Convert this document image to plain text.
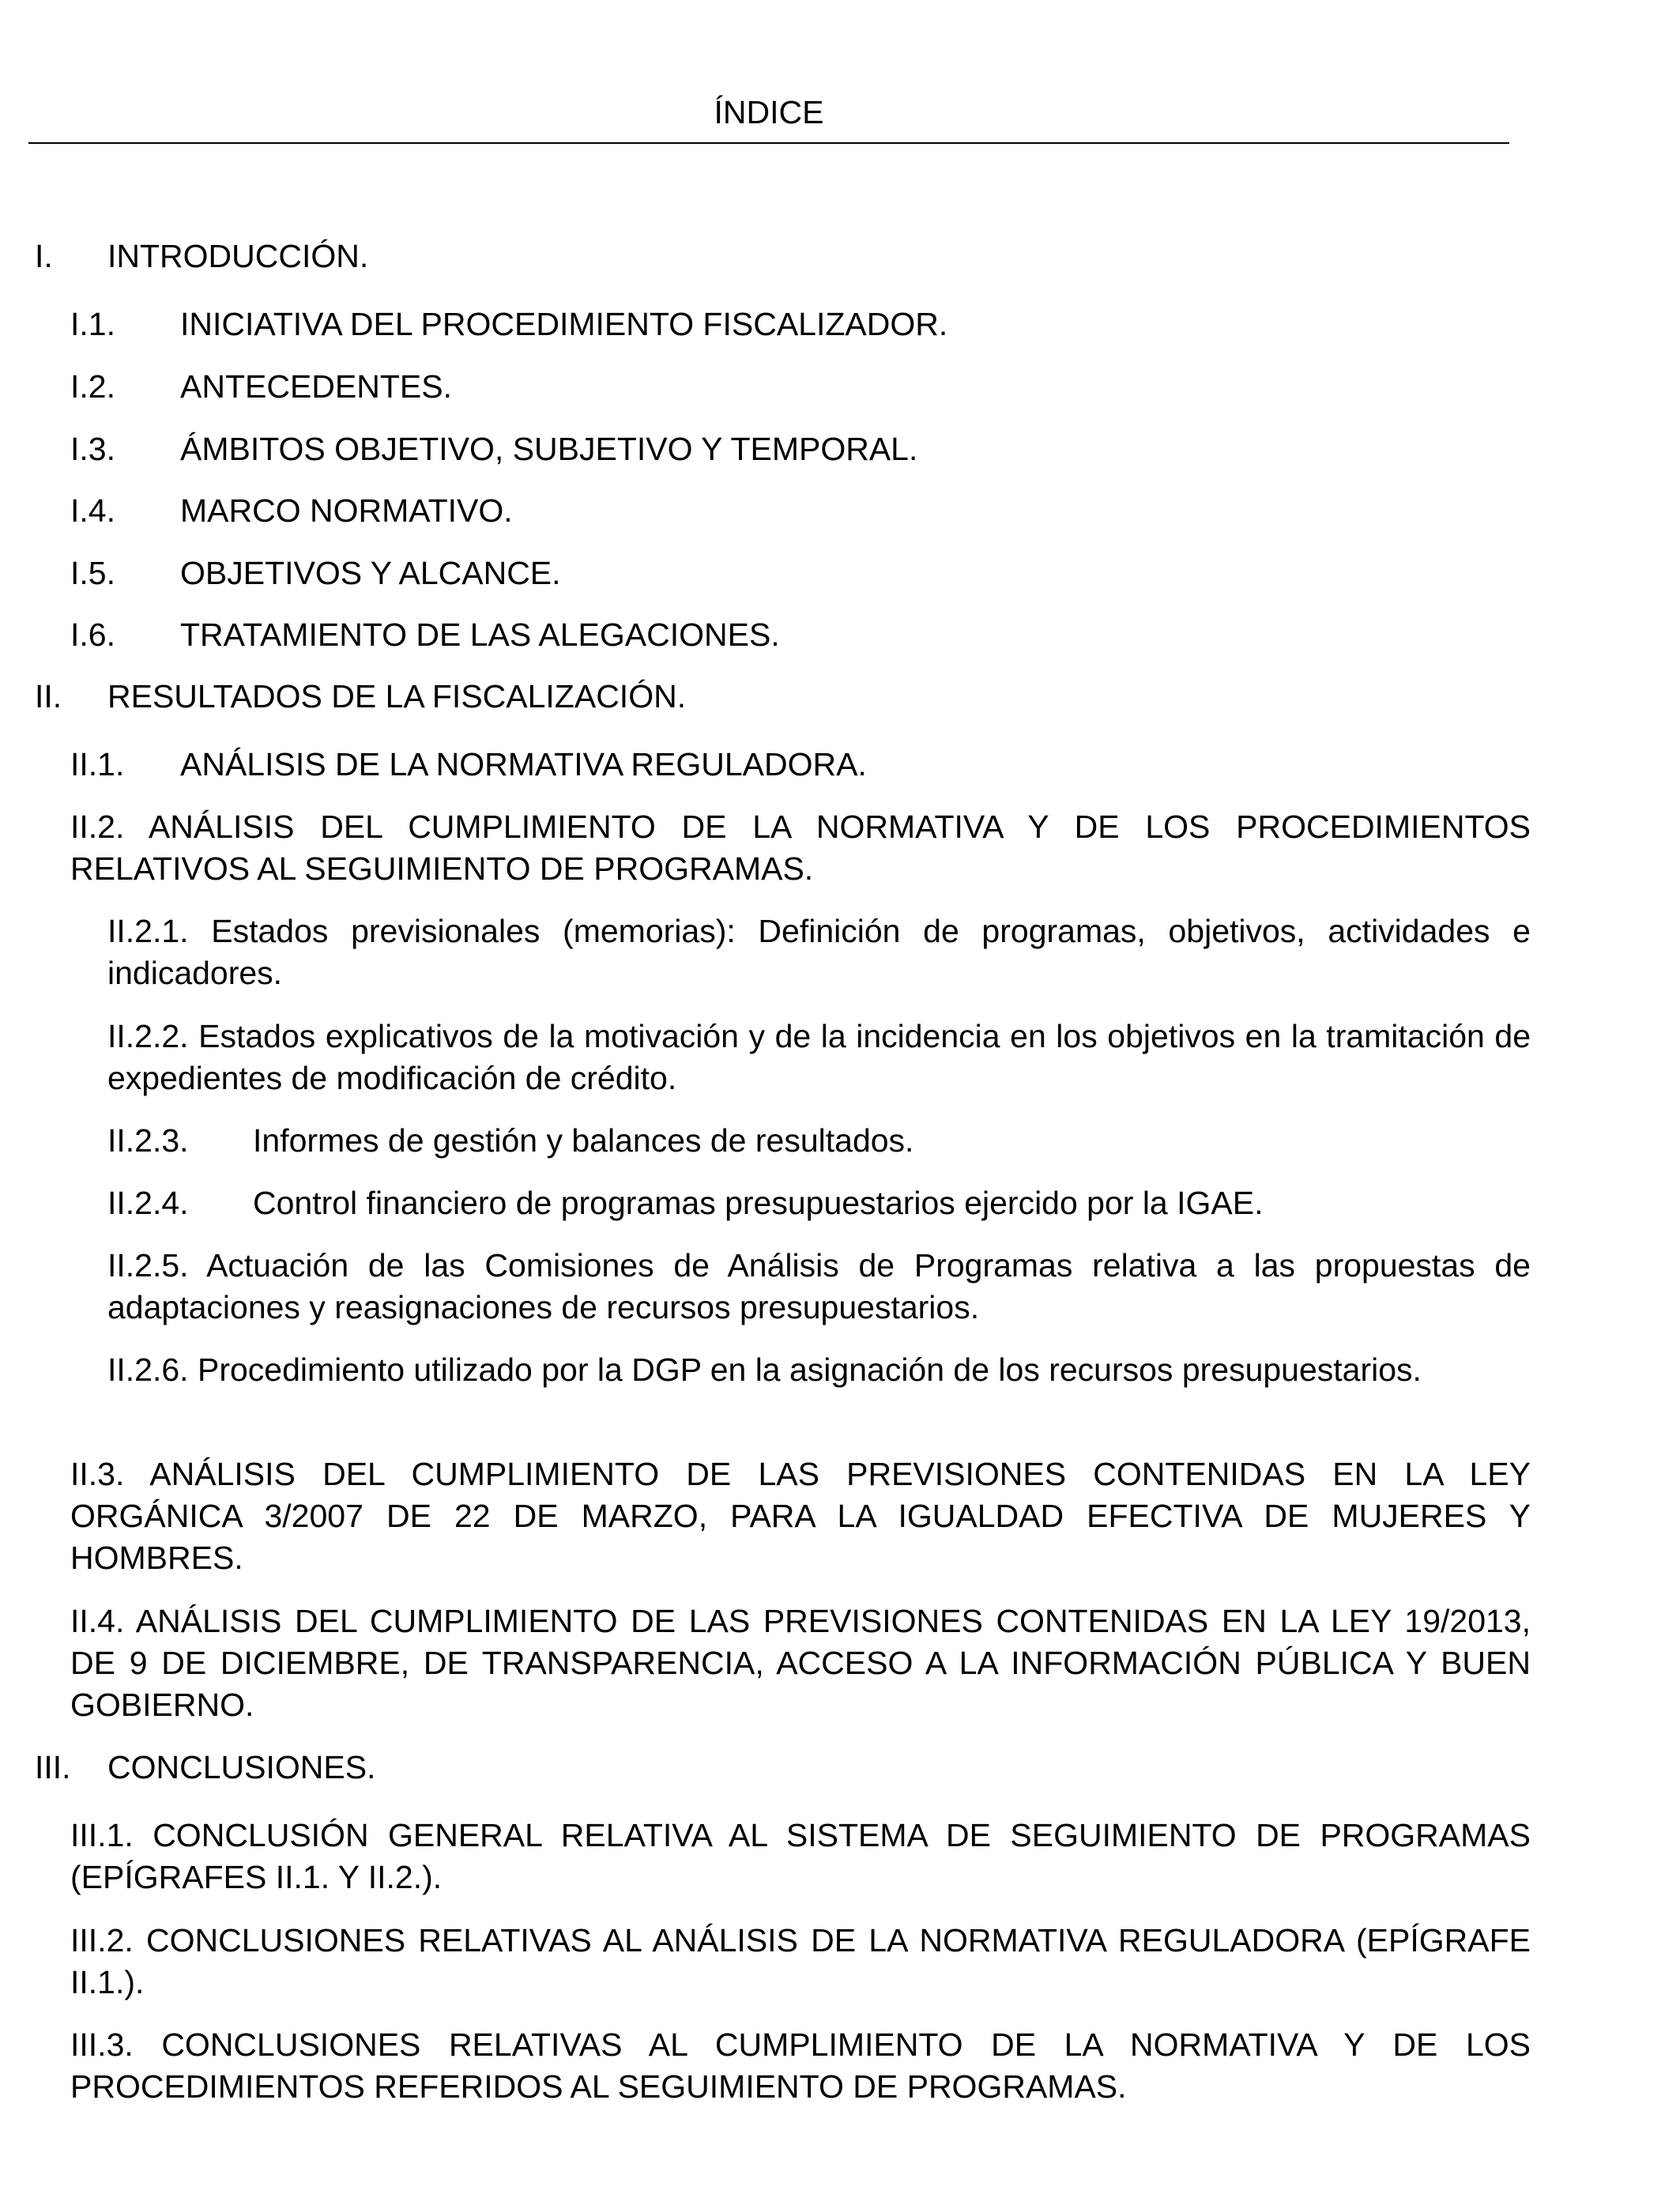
ÍNDICE

I. INTRODUCCIÓN.

I.1. INICIATIVA DEL PROCEDIMIENTO FISCALIZADOR.

I.2. ANTECEDENTES.

I.3. ÁMBITOS OBJETIVO, SUBJETIVO Y TEMPORAL.

I.4. MARCO NORMATIVO.

I.5. OBJETIVOS Y ALCANCE.

I.6. TRATAMIENTO DE LAS ALEGACIONES.

II. RESULTADOS DE LA FISCALIZACIÓN.

II.1. ANÁLISIS DE LA NORMATIVA REGULADORA.

II.2. ANÁLISIS DEL CUMPLIMIENTO DE LA NORMATIVA Y DE LOS PROCEDIMIENTOS RELATIVOS AL SEGUIMIENTO DE PROGRAMAS.

II.2.1. Estados previsionales (memorias): Definición de programas, objetivos, actividades e indicadores.

II.2.2. Estados explicativos de la motivación y de la incidencia en los objetivos en la tramitación de expedientes de modificación de crédito.

II.2.3. Informes de gestión y balances de resultados.

II.2.4. Control financiero de programas presupuestarios ejercido por la IGAE.

II.2.5. Actuación de las Comisiones de Análisis de Programas relativa a las propuestas de adaptaciones y reasignaciones de recursos presupuestarios.

II.2.6. Procedimiento utilizado por la DGP en la asignación de los recursos presupuestarios.

II.3. ANÁLISIS DEL CUMPLIMIENTO DE LAS PREVISIONES CONTENIDAS EN LA LEY ORGÁNICA 3/2007 DE 22 DE MARZO, PARA LA IGUALDAD EFECTIVA DE MUJERES Y HOMBRES.

II.4. ANÁLISIS DEL CUMPLIMIENTO DE LAS PREVISIONES CONTENIDAS EN LA LEY 19/2013, DE 9 DE DICIEMBRE, DE TRANSPARENCIA, ACCESO A LA INFORMACIÓN PÚBLICA Y BUEN GOBIERNO.

III. CONCLUSIONES.

III.1. CONCLUSIÓN GENERAL RELATIVA AL SISTEMA DE SEGUIMIENTO DE PROGRAMAS (EPÍGRAFES II.1. Y II.2.).

III.2. CONCLUSIONES RELATIVAS AL ANÁLISIS DE LA NORMATIVA REGULADORA (EPÍGRAFE II.1.).

III.3. CONCLUSIONES RELATIVAS AL CUMPLIMIENTO DE LA NORMATIVA Y DE LOS PROCEDIMIENTOS REFERIDOS AL SEGUIMIENTO DE PROGRAMAS.
